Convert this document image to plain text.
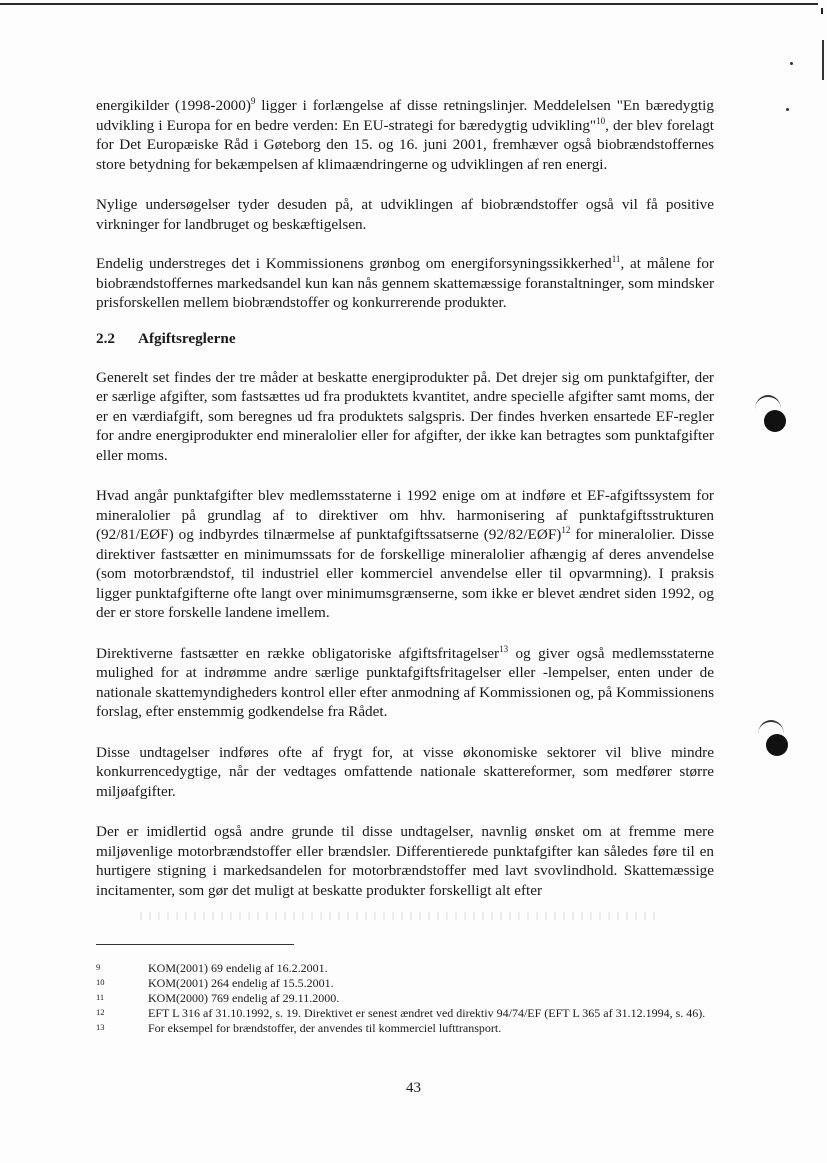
energikilder (1998-2000)$^9$ ligger i forlængelse af disse retningslinjer. Meddelelsen "En bæredygtig udvikling i Europa for en bedre verden: En EU-strategi for bæredygtig udvikling"$^{10}$, der blev forelagt for Det Europæiske Råd i Gøteborg den 15. og 16. juni 2001, fremhæver også biobrændstoffernes store betydning for bekæmpelsen af klimaændringerne og udviklingen af ren energi.

Nylige undersøgelser tyder desuden på, at udviklingen af biobrændstoffer også vil få positive virkninger for landbruget og beskæftigelsen.

Endelig understreges det i Kommissionens grønbog om energiforsyningssikkerhed$^{11}$, at målene for biobrændstoffernes markedsandel kun kan nås gennem skattemæssige foranstaltninger, som mindsker prisforskellen mellem biobrændstoffer og konkurrerende produkter.

2.2 Afgiftsreglerne

Generelt set findes der tre måder at beskatte energiprodukter på. Det drejer sig om punktafgifter, der er særlige afgifter, som fastsættes ud fra produktets kvantitet, andre specielle afgifter samt moms, der er en værdiafgift, som beregnes ud fra produktets salgspris. Der findes hverken ensartede EF-regler for andre energiprodukter end mineralolier eller for afgifter, der ikke kan betragtes som punktafgifter eller moms.

Hvad angår punktafgifter blev medlemsstaterne i 1992 enige om at indføre et EF-afgiftssystem for mineralolier på grundlag af to direktiver om hhv. harmonisering af punktafgiftsstrukturen (92/81/EØF) og indbyrdes tilnærmelse af punktafgiftssatserne (92/82/EØF)$^{12}$ for mineralolier. Disse direktiver fastsætter en minimumssats for de forskellige mineralolier afhængig af deres anvendelse (som motorbrændstof, til industriel eller kommerciel anvendelse eller til opvarmning). I praksis ligger punktafgifterne ofte langt over minimumsgrænserne, som ikke er blevet ændret siden 1992, og der er store forskelle landene imellem.

Direktiverne fastsætter en række obligatoriske afgiftsfritagelser$^{13}$ og giver også medlemsstaterne mulighed for at indrømme andre særlige punktafgiftsfritagelser eller -lempelser, enten under de nationale skattemyndigheders kontrol eller efter anmodning af Kommissionen og, på Kommissionens forslag, efter enstemmig godkendelse fra Rådet.

Disse undtagelser indføres ofte af frygt for, at visse økonomiske sektorer vil blive mindre konkurrencedygtige, når der vedtages omfattende nationale skattereformer, som medfører større miljøafgifter.

Der er imidlertid også andre grunde til disse undtagelser, navnlig ønsket om at fremme mere miljøvenlige motorbrændstoffer eller brændsler. Differentierede punktafgifter kan således føre til en hurtigere stigning i markedsandelen for motorbrændstoffer med lavt svovlindhold. Skattemæssige incitamenter, som gør det muligt at beskatte produkter forskelligt alt efter

9	KOM(2001) 69 endelig af 16.2.2001.
10	KOM(2001) 264 endelig af 15.5.2001.
11	KOM(2000) 769 endelig af 29.11.2000.
12	EFT L 316 af 31.10.1992, s. 19. Direktivet er senest ændret ved direktiv 94/74/EF (EFT L 365 af 31.12.1994, s. 46).
13	For eksempel for brændstoffer, der anvendes til kommerciel lufttransport.
43
